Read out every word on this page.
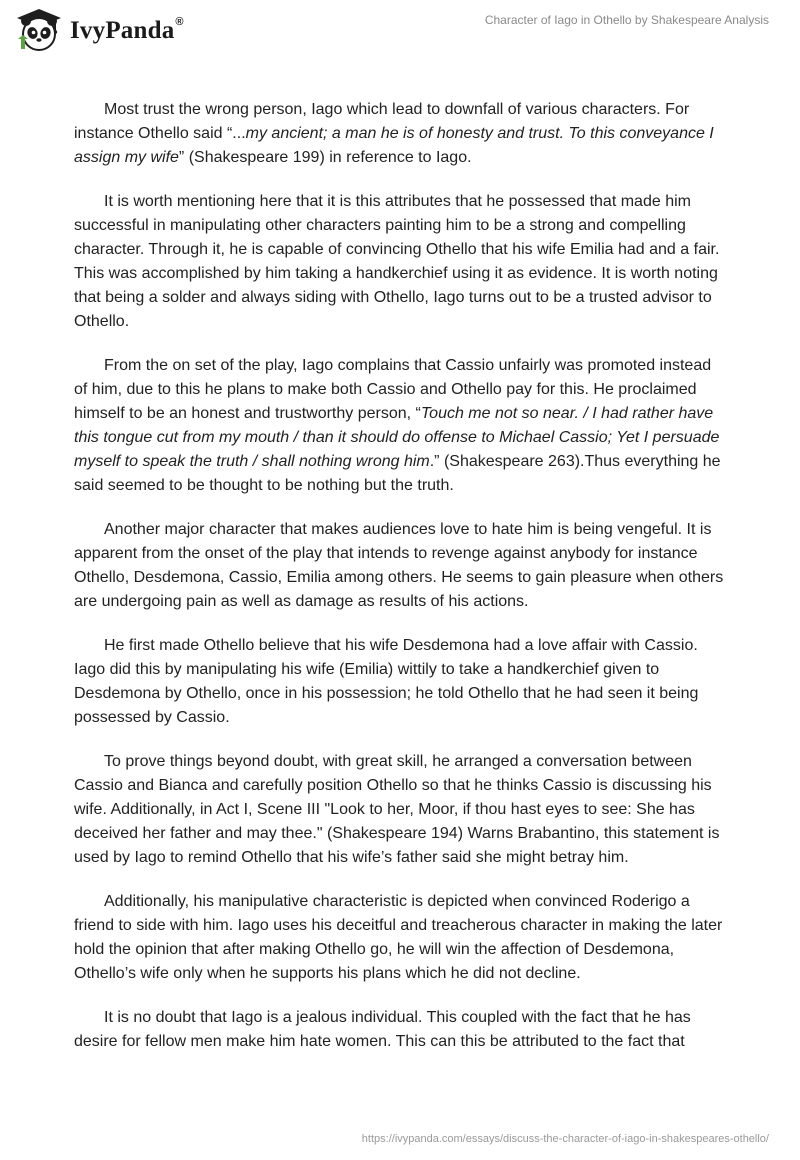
IvyPanda®	Character of Iago in Othello by Shakespeare Analysis

Most trust the wrong person, Iago which lead to downfall of various characters. For instance Othello said “...my ancient; a man he is of honesty and trust. To this conveyance I assign my wife” (Shakespeare 199) in reference to Iago.

It is worth mentioning here that it is this attributes that he possessed that made him successful in manipulating other characters painting him to be a strong and compelling character. Through it, he is capable of convincing Othello that his wife Emilia had and a fair. This was accomplished by him taking a handkerchief using it as evidence. It is worth noting that being a solder and always siding with Othello, Iago turns out to be a trusted advisor to Othello.

From the on set of the play, Iago complains that Cassio unfairly was promoted instead of him, due to this he plans to make both Cassio and Othello pay for this. He proclaimed himself to be an honest and trustworthy person, “Touch me not so near. / I had rather have this tongue cut from my mouth / than it should do offense to Michael Cassio; Yet I persuade myself to speak the truth / shall nothing wrong him.” (Shakespeare 263).Thus everything he said seemed to be thought to be nothing but the truth.

Another major character that makes audiences love to hate him is being vengeful. It is apparent from the onset of the play that intends to revenge against anybody for instance Othello, Desdemona, Cassio, Emilia among others. He seems to gain pleasure when others are undergoing pain as well as damage as results of his actions.

He first made Othello believe that his wife Desdemona had a love affair with Cassio. Iago did this by manipulating his wife (Emilia) wittily to take a handkerchief given to Desdemona by Othello, once in his possession; he told Othello that he had seen it being possessed by Cassio.

To prove things beyond doubt, with great skill, he arranged a conversation between Cassio and Bianca and carefully position Othello so that he thinks Cassio is discussing his wife. Additionally, in Act I, Scene III "Look to her, Moor, if thou hast eyes to see: She has deceived her father and may thee." (Shakespeare 194) Warns Brabantino, this statement is used by Iago to remind Othello that his wife’s father said she might betray him.

Additionally, his manipulative characteristic is depicted when convinced Roderigo a friend to side with him. Iago uses his deceitful and treacherous character in making the later hold the opinion that after making Othello go, he will win the affection of Desdemona, Othello’s wife only when he supports his plans which he did not decline.

It is no doubt that Iago is a jealous individual. This coupled with the fact that he has desire for fellow men make him hate women. This can this be attributed to the fact that

https://ivypanda.com/essays/discuss-the-character-of-iago-in-shakespeares-othello/
